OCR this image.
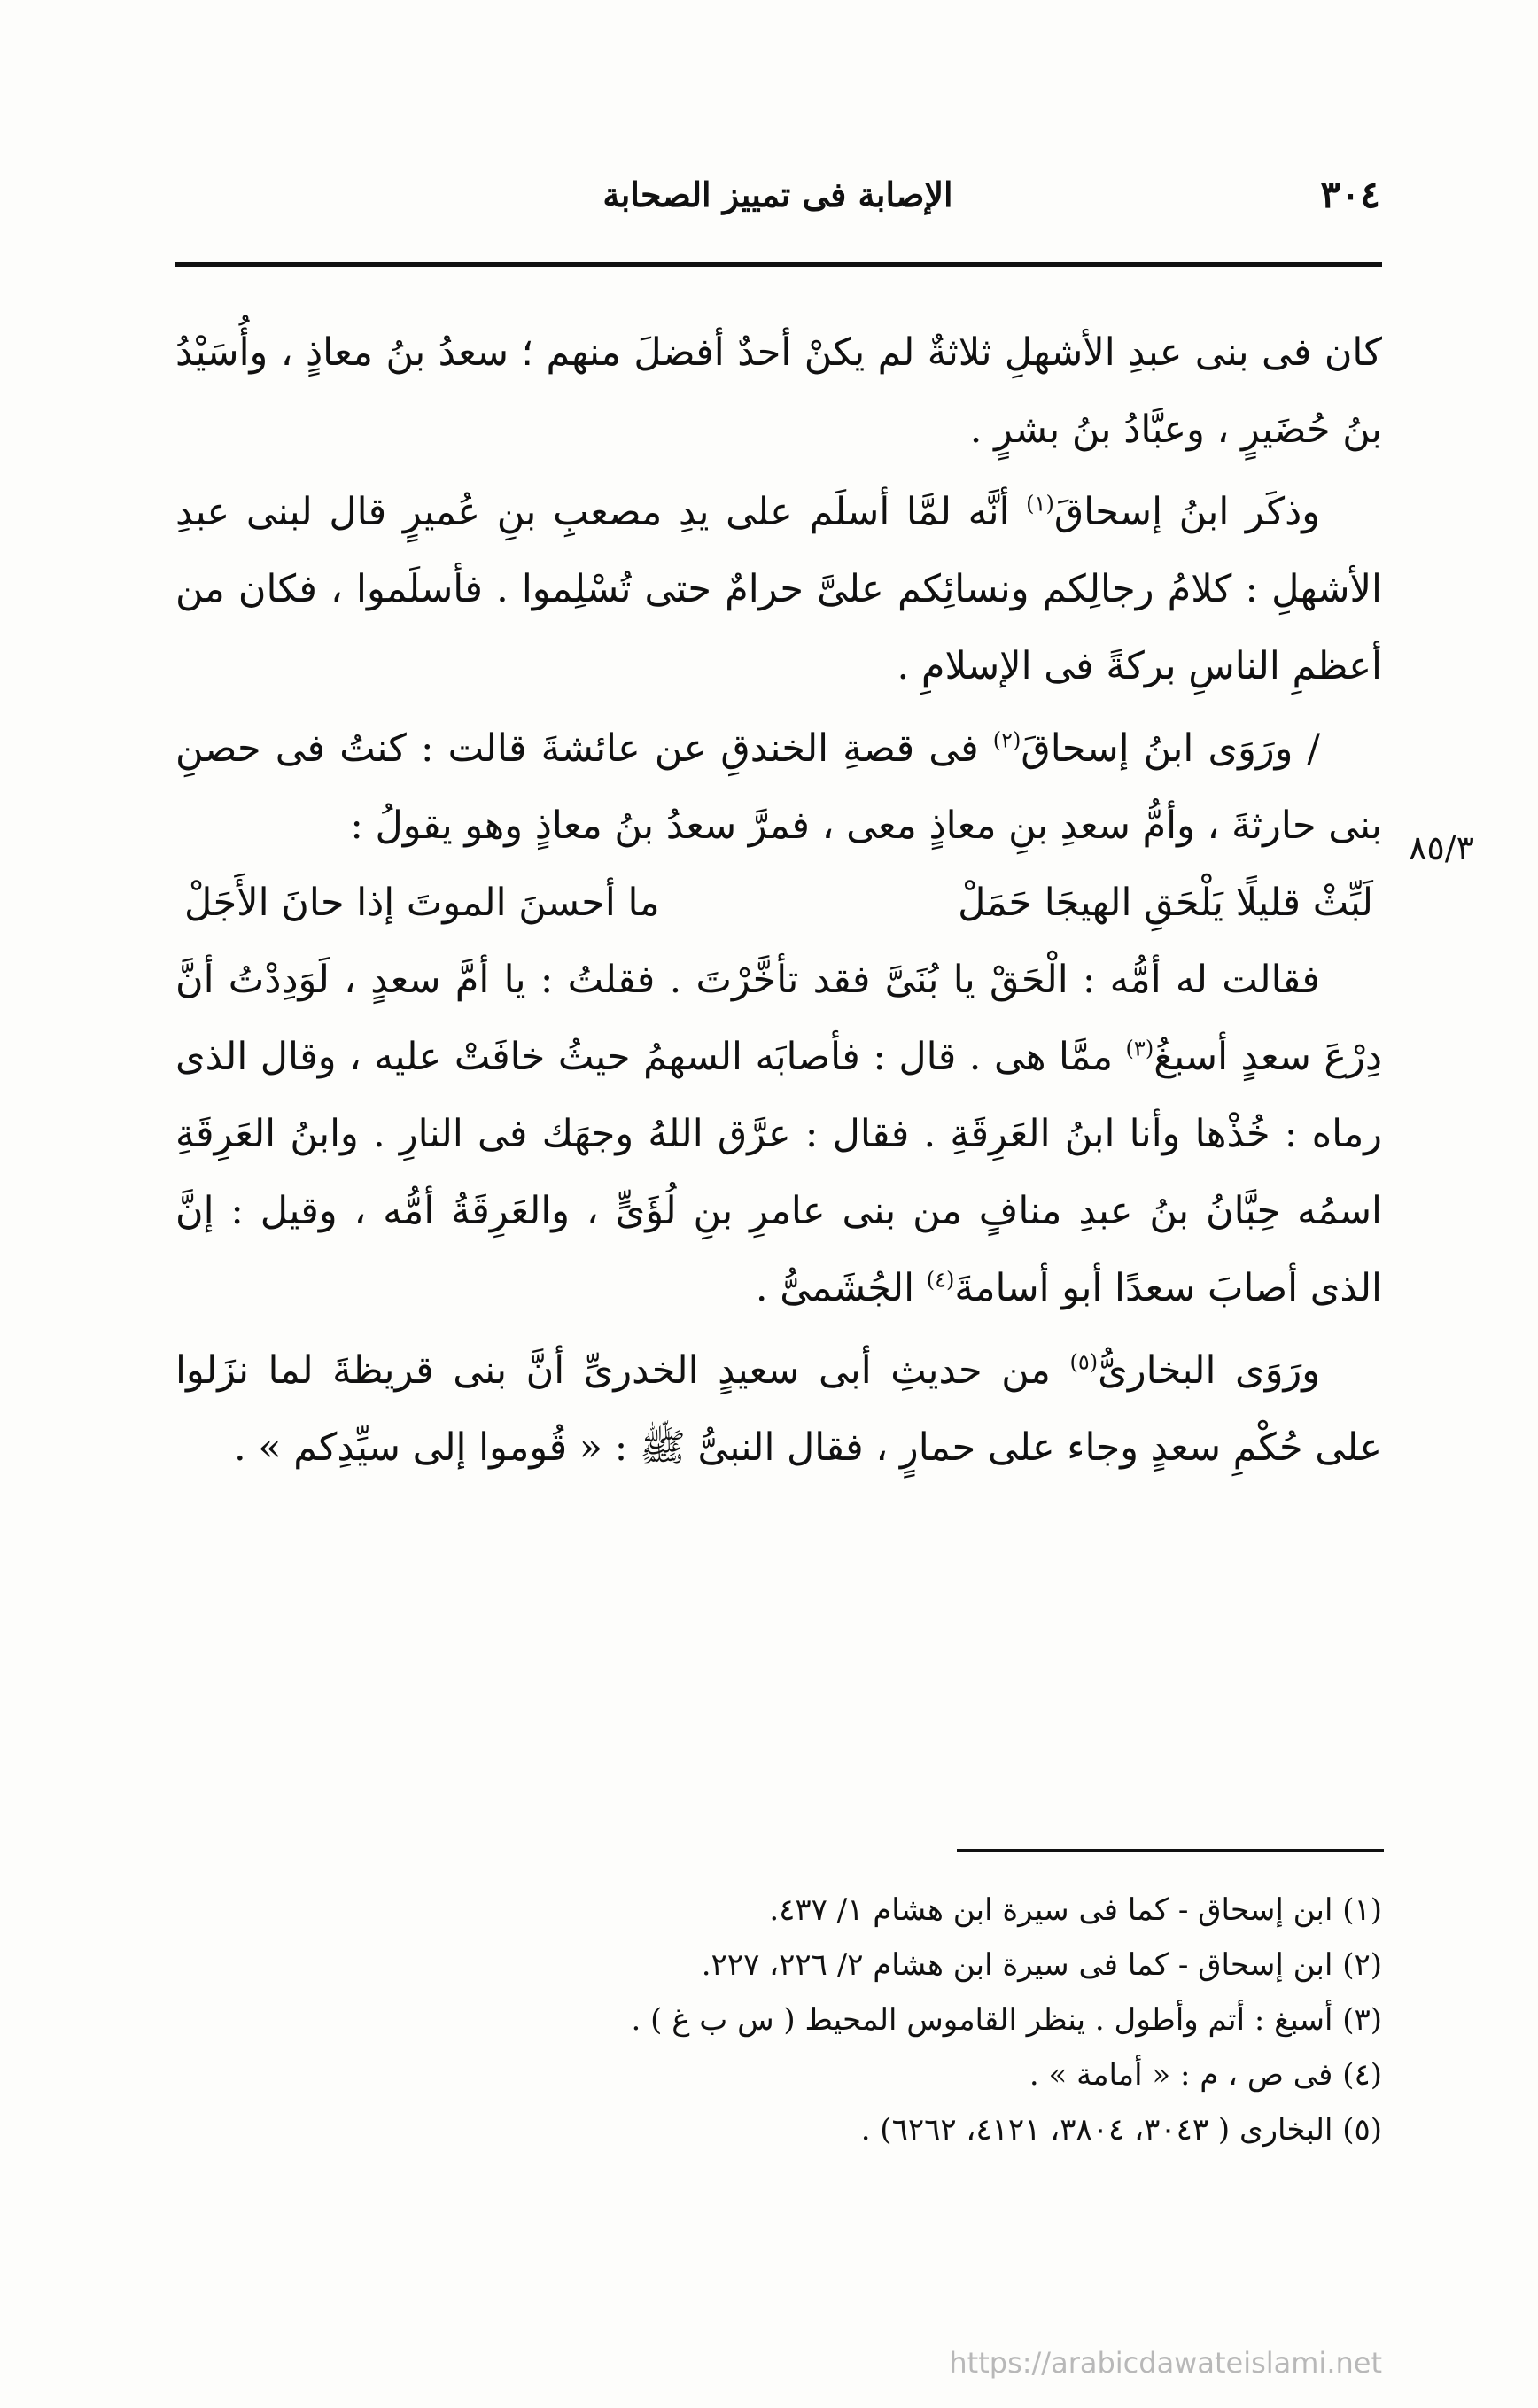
٣٠٤
الإصابة فى تمييز الصحابة
٨٥/٣

كان فى بنى عبدِ الأشهلِ ثلاثةٌ لم يكنْ أحدٌ أفضلَ منهم ؛ سعدُ بنُ معاذٍ ، وأُسَيْدُ بنُ حُضَيرٍ ، وعبَّادُ بنُ بشرٍ .

وذكَر ابنُ إسحاقَ$^{(١)}$ أنَّه لمَّا أسلَم على يدِ مصعبِ بنِ عُميرٍ قال لبنى عبدِ الأشهلِ : كلامُ رجالِكم ونسائِكم علىَّ حرامٌ حتى تُسْلِموا . فأسلَموا ، فكان من أعظمِ الناسِ بركةً فى الإسلامِ .

/ ورَوَى ابنُ إسحاقَ$^{(٢)}$ فى قصةِ الخندقِ عن عائشةَ قالت : كنتُ فى حصنِ بنى حارثةَ ، وأمُّ سعدِ بنِ معاذٍ معى ، فمرَّ سعدُ بنُ معاذٍ وهو يقولُ :

لَبِّثْ قليلًا يَلْحَقِ الهيجَا حَمَلْ
ما أحسنَ الموتَ إذا حانَ الأَجَلْ

فقالت له أمُّه : الْحَقْ يا بُنَىَّ فقد تأخَّرْتَ . فقلتُ : يا أمَّ سعدٍ ، لَوَدِدْتُ أنَّ دِرْعَ سعدٍ أسبغُ$^{(٣)}$ ممَّا هى . قال : فأصابَه السهمُ حيثُ خافَتْ عليه ، وقال الذى رماه : خُذْها وأنا ابنُ العَرِقَةِ . فقال : عرَّق اللهُ وجهَك فى النارِ . وابنُ العَرِقَةِ اسمُه حِبَّانُ بنُ عبدِ منافٍ من بنى عامرِ بنِ لُؤَىٍّ ، والعَرِقَةُ أمُّه ، وقيل : إنَّ الذى أصابَ سعدًا أبو أسامةَ$^{(٤)}$ الجُشَمىُّ .

ورَوَى البخارىُّ$^{(٥)}$ من حديثِ أبى سعيدٍ الخدرىِّ أنَّ بنى قريظةَ لما نزَلوا على حُكْمِ سعدٍ وجاء على حمارٍ ، فقال النبىُّ ﷺ : « قُوموا إلى سيِّدِكم » .

(١) ابن إسحاق - كما فى سيرة ابن هشام ١/ ٤٣٧.
(٢) ابن إسحاق - كما فى سيرة ابن هشام ٢/ ٢٢٦، ٢٢٧.
(٣) أسبغ : أتم وأطول . ينظر القاموس المحيط ( س ب غ ) .
(٤) فى ص ، م : « أمامة » .
(٥) البخارى ( ٣٠٤٣، ٣٨٠٤، ٤١٢١، ٦٢٦٢) .
https://arabicdawateislami.net
